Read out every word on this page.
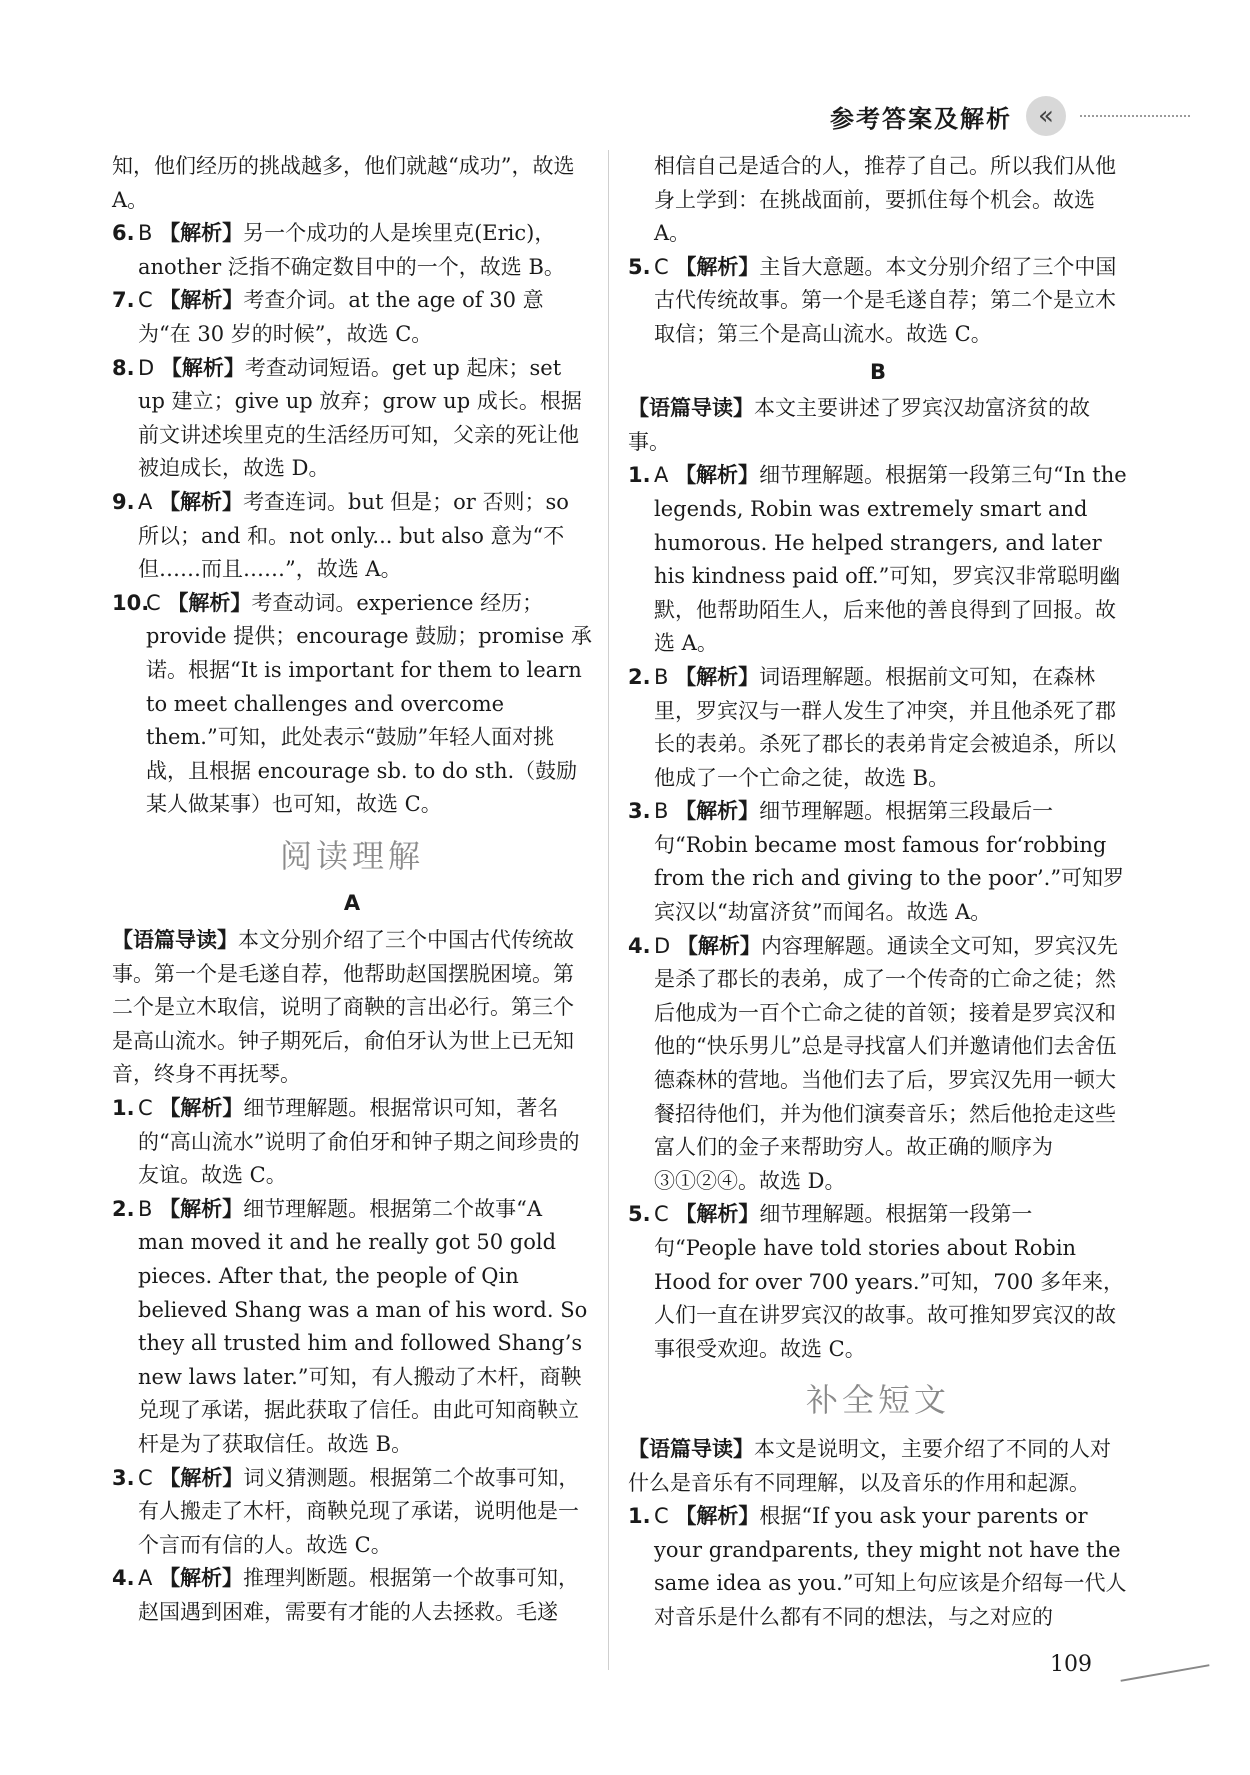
参考答案及解析	«

知，他们经历的挑战越多，他们就越“成功”，故选 A。

6. B 【解析】另一个成功的人是埃里克(Eric)，another 泛指不确定数目中的一个，故选 B。
7. C 【解析】考查介词。at the age of 30 意为“在 30 岁的时候”，故选 C。
8. D 【解析】考查动词短语。get up 起床；set up 建立；give up 放弃；grow up 成长。根据前文讲述埃里克的生活经历可知，父亲的死让他被迫成长，故选 D。
9. A 【解析】考查连词。but 但是；or 否则；so 所以；and 和。not only... but also 意为“不但……而且……”，故选 A。
10.
C 【解析】考查动词。experience 经历；provide 提供；encourage 鼓励；promise 承诺。根据“It is important for them to learn to meet challenges and overcome them.”可知，此处表示“鼓励”年轻人面对挑战，且根据 encourage sb. to do sth.（鼓励某人做某事）也可知，故选 C。
阅读理解
A

【语篇导读】本文分别介绍了三个中国古代传统故事。第一个是毛遂自荐，他帮助赵国摆脱困境。第二个是立木取信，说明了商鞅的言出必行。第三个是高山流水。钟子期死后，俞伯牙认为世上已无知音，终身不再抚琴。

1. C 【解析】细节理解题。根据常识可知，著名的“高山流水”说明了俞伯牙和钟子期之间珍贵的友谊。故选 C。
2. B 【解析】细节理解题。根据第二个故事“A man moved it and he really got 50 gold pieces. After that, the people of Qin believed Shang was a man of his word. So they all trusted him and followed Shang’s new laws later.”可知，有人搬动了木杆，商鞅兑现了承诺，据此获取了信任。由此可知商鞅立杆是为了获取信任。故选 B。
3. C 【解析】词义猜测题。根据第二个故事可知，有人搬走了木杆，商鞅兑现了承诺，说明他是一个言而有信的人。故选 C。
4. A 【解析】推理判断题。根据第一个故事可知，赵国遇到困难，需要有才能的人去拯救。毛遂

相信自己是适合的人，推荐了自己。所以我们从他身上学到：在挑战面前，要抓住每个机会。故选 A。

5. C 【解析】主旨大意题。本文分别介绍了三个中国古代传统故事。第一个是毛遂自荐；第二个是立木取信；第三个是高山流水。故选 C。
B

【语篇导读】本文主要讲述了罗宾汉劫富济贫的故事。

1. A 【解析】细节理解题。根据第一段第三句“In the legends, Robin was extremely smart and humorous. He helped strangers, and later his kindness paid off.”可知，罗宾汉非常聪明幽默，他帮助陌生人，后来他的善良得到了回报。故选 A。
2. B 【解析】词语理解题。根据前文可知，在森林里，罗宾汉与一群人发生了冲突，并且他杀死了郡长的表弟。杀死了郡长的表弟肯定会被追杀，所以他成了一个亡命之徒，故选 B。
3. B 【解析】细节理解题。根据第三段最后一句“Robin became most famous for‘robbing from the rich and giving to the poor’.”可知罗宾汉以“劫富济贫”而闻名。故选 A。
4. D 【解析】内容理解题。通读全文可知，罗宾汉先是杀了郡长的表弟，成了一个传奇的亡命之徒；然后他成为一百个亡命之徒的首领；接着是罗宾汉和他的“快乐男儿”总是寻找富人们并邀请他们去舍伍德森林的营地。当他们去了后，罗宾汉先用一顿大餐招待他们，并为他们演奏音乐；然后他抢走这些富人们的金子来帮助穷人。故正确的顺序为③①②④。故选 D。
5. C 【解析】细节理解题。根据第一段第一句“People have told stories about Robin Hood for over 700 years.”可知，700 多年来，人们一直在讲罗宾汉的故事。故可推知罗宾汉的故事很受欢迎。故选 C。
补全短文

【语篇导读】本文是说明文，主要介绍了不同的人对什么是音乐有不同理解，以及音乐的作用和起源。

1. C 【解析】根据“If you ask your parents or your grandparents, they might not have the same idea as you.”可知上句应该是介绍每一代人对音乐是什么都有不同的想法，与之对应的
109
